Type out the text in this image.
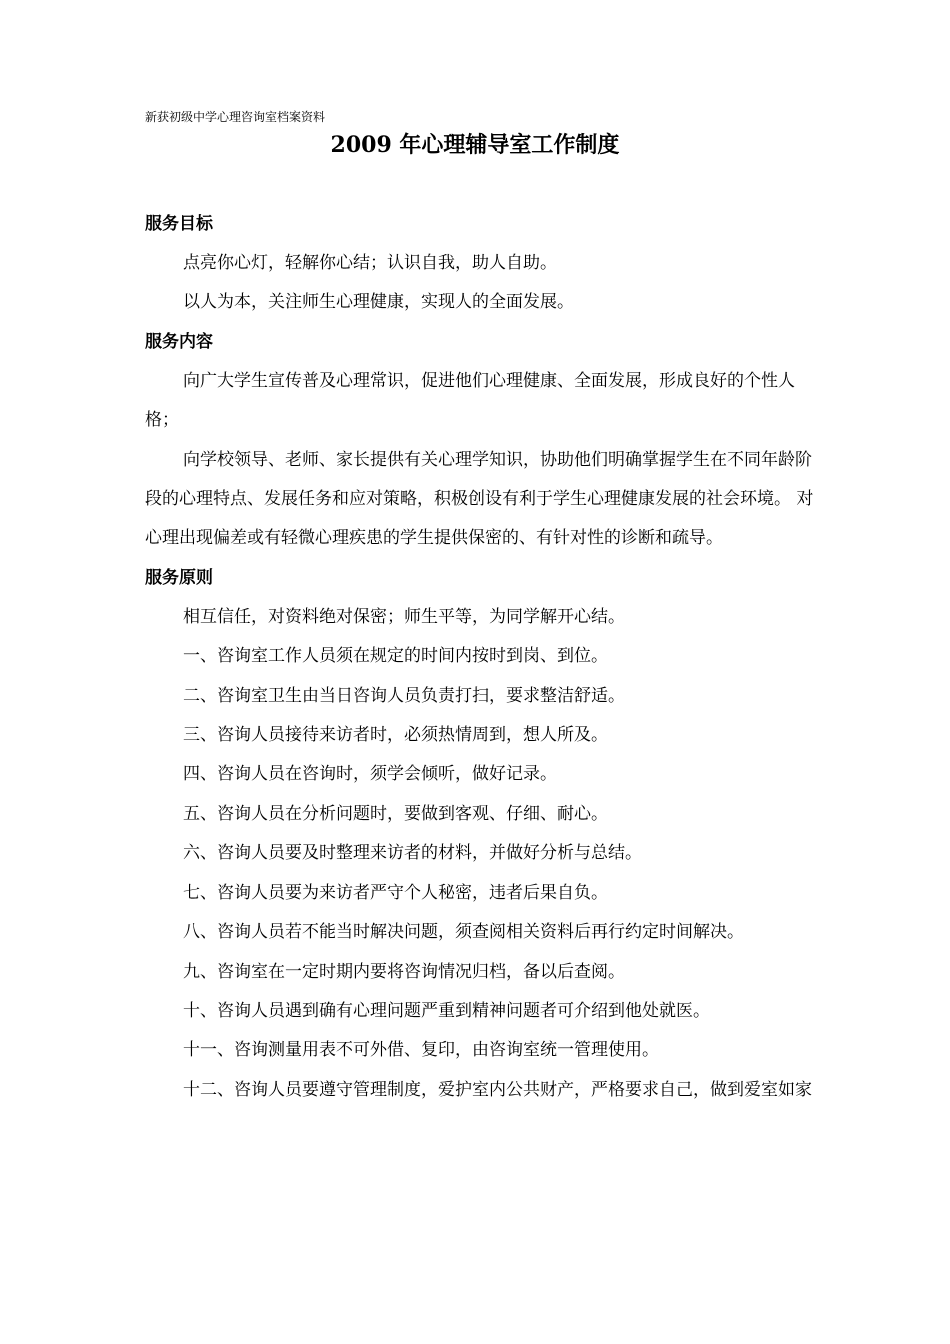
新获初级中学心理咨询室档案资料
2009 年心理辅导室工作制度
服务目标

点亮你心灯，轻解你心结；认识自我，助人自助。

以人为本，关注师生心理健康，实现人的全面发展。

服务内容

向广大学生宣传普及心理常识，促进他们心理健康、全面发展，形成良好的个性人格；

向学校领导、老师、家长提供有关心理学知识，协助他们明确掌握学生在不同年龄阶段的心理特点、发展任务和应对策略，积极创设有利于学生心理健康发展的社会环境。 对心理出现偏差或有轻微心理疾患的学生提供保密的、有针对性的诊断和疏导。

服务原则

相互信任，对资料绝对保密；师生平等，为同学解开心结。

一、咨询室工作人员须在规定的时间内按时到岗、到位。

二、咨询室卫生由当日咨询人员负责打扫，要求整洁舒适。

三、咨询人员接待来访者时，必须热情周到，想人所及。

四、咨询人员在咨询时，须学会倾听，做好记录。

五、咨询人员在分析问题时，要做到客观、仔细、耐心。

六、咨询人员要及时整理来访者的材料，并做好分析与总结。

七、咨询人员要为来访者严守个人秘密，违者后果自负。

八、咨询人员若不能当时解决问题，须查阅相关资料后再行约定时间解决。

九、咨询室在一定时期内要将咨询情况归档，备以后查阅。

十、咨询人员遇到确有心理问题严重到精神问题者可介绍到他处就医。

十一、咨询测量用表不可外借、复印，由咨询室统一管理使用。

十二、咨询人员要遵守管理制度，爱护室内公共财产，严格要求自己，做到爱室如家
